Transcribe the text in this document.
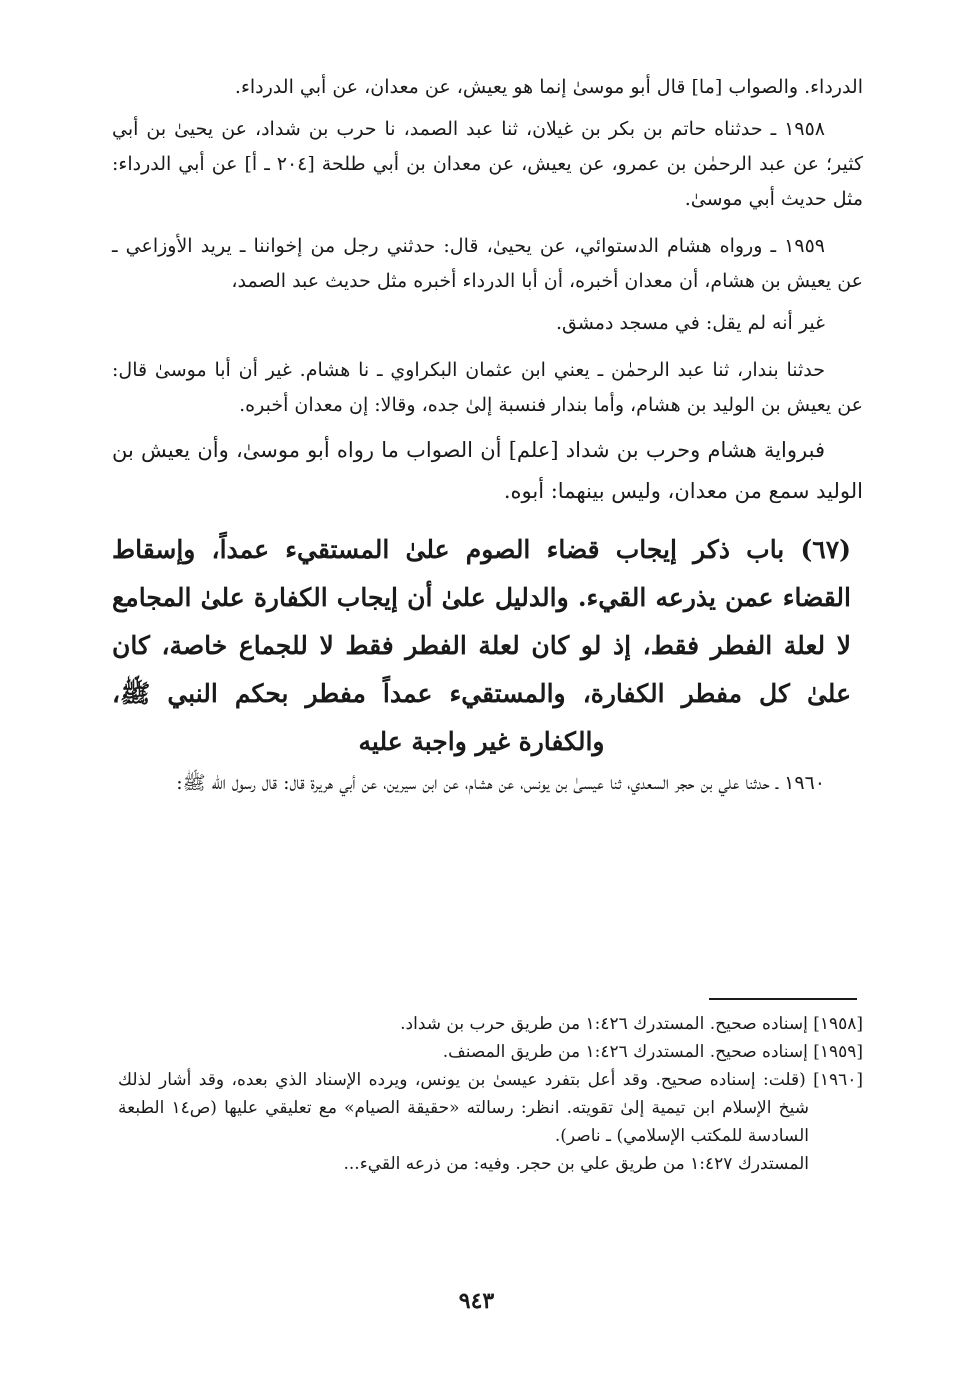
الدرداء. والصواب [ما] قال أبو موسىٰ إنما هو يعيش، عن معدان، عن أبي الدرداء.

١٩٥٨ ـ حدثناه حاتم بن بكر بن غيلان، ثنا عبد الصمد، نا حرب بن شداد، عن يحيىٰ بن أبي كثير؛ عن عبد الرحمٰن بن عمرو، عن يعيش، عن معدان بن أبي طلحة [٢٠٤ ـ أ] عن أبي الدرداء: مثل حديث أبي موسىٰ.

١٩٥٩ ـ ورواه هشام الدستوائي، عن يحيىٰ، قال: حدثني رجل من إخواننا ـ يريد الأوزاعي ـ عن يعيش بن هشام، أن معدان أخبره، أن أبا الدرداء أخبره مثل حديث عبد الصمد،

غير أنه لم يقل: في مسجد دمشق.

حدثنا بندار، ثنا عبد الرحمٰن ـ يعني ابن عثمان البكراوي ـ نا هشام. غير أن أبا موسىٰ قال: عن يعيش بن الوليد بن هشام، وأما بندار فنسبة إلىٰ جده، وقالا: إن معدان أخبره.

فبرواية هشام وحرب بن شداد [علم] أن الصواب ما رواه أبو موسىٰ، وأن يعيش بن الوليد سمع من معدان، وليس بينهما: أبوه.

(٦٧) باب ذكر إيجاب قضاء الصوم علىٰ المستقيء عمداً، وإسقاط القضاء عمن يذرعه القيء. والدليل علىٰ أن إيجاب الكفارة علىٰ المجامع لا لعلة الفطر فقط، إذ لو كان لعلة الفطر فقط لا للجماع خاصة، كان علىٰ كل مفطر الكفارة، والمستقيء عمداً مفطر بحكم النبي ﷺ، والكفارة غير واجبة عليه

١٩٦٠ ـ حدثنا علي بن حجر السعدي، ثنا عيسىٰ بن يونس، عن هشام، عن ابن سيرين، عن أبي هريرة قال: قال رسول الله ﷺ:

[١٩٥٨] إسناده صحيح. المستدرك ١:٤٢٦ من طريق حرب بن شداد.

[١٩٥٩] إسناده صحيح. المستدرك ١:٤٢٦ من طريق المصنف.

[١٩٦٠] (قلت: إسناده صحيح. وقد أعل بتفرد عيسىٰ بن يونس، ويرده الإسناد الذي بعده، وقد أشار لذلك شيخ الإسلام ابن تيمية إلىٰ تقويته. انظر: رسالته «حقيقة الصيام» مع تعليقي عليها (ص١٤ الطبعة السادسة للمكتب الإسلامي) ـ ناصر).

المستدرك ١:٤٢٧ من طريق علي بن حجر. وفيه: من ذرعه القيء...

٩٤٣
